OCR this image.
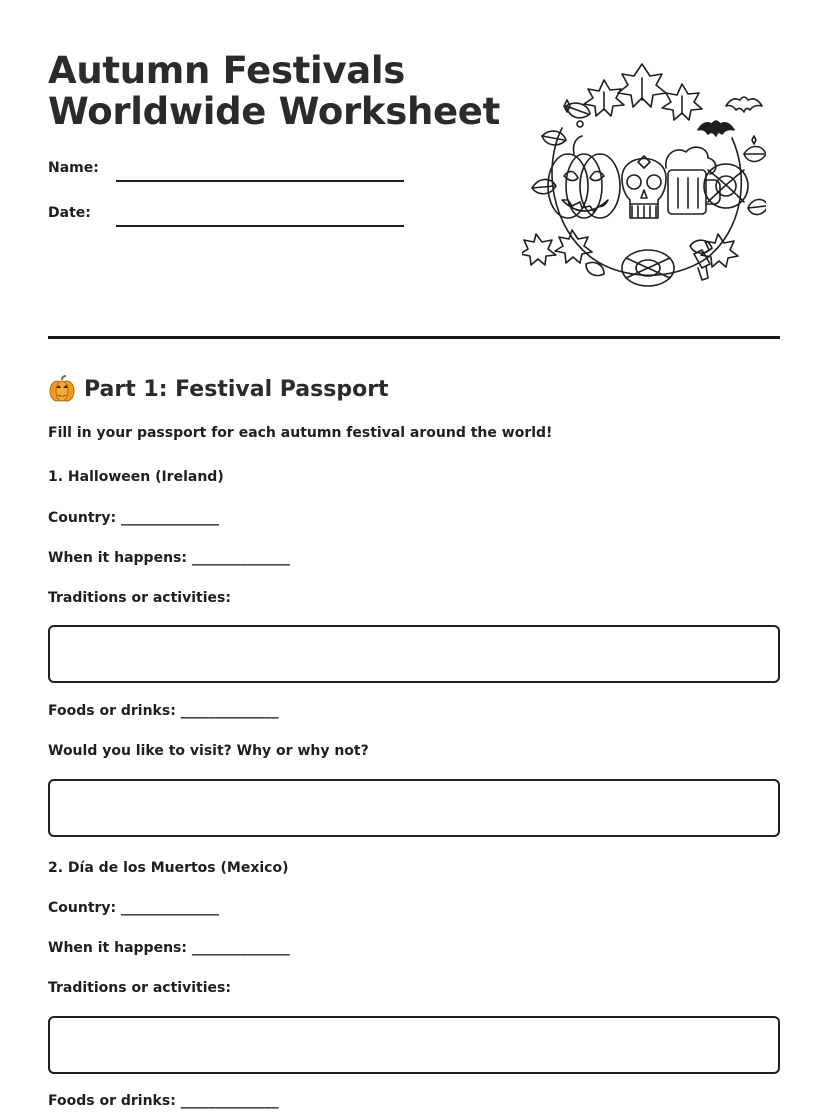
Autumn Festivals
Worldwide Worksheet
Name:
Date:
Part 1: Festival Passport
Fill in your passport for each autumn festival around the world!
1. Halloween (Ireland)
Country: ______________
When it happens: ______________
Traditions or activities:
Foods or drinks: ______________
Would you like to visit? Why or why not?
2. Día de los Muertos (Mexico)
Country: ______________
When it happens: ______________
Traditions or activities:
Foods or drinks: ______________
